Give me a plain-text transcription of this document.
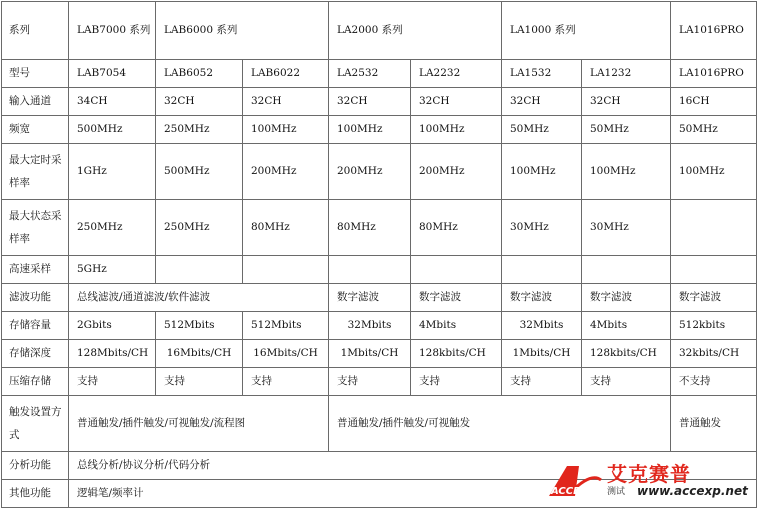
系列	LAB7000 系列	LAB6000 系列		LA2000 系列		LA1000 系列		LA1016PRO
型号	LAB7054	LAB6052	LAB6022	LA2532	LA2232	LA1532	LA1232	LA1016PRO
输入通道	34CH	32CH	32CH	32CH	32CH	32CH	32CH	16CH
频宽	500MHz	250MHz	100MHz	100MHz	100MHz	50MHz	50MHz	50MHz
最大定时采样率	1GHz	500MHz	200MHz	200MHz	200MHz	100MHz	100MHz	100MHz
最大状态采样率	250MHz	250MHz	80MHz	80MHz	80MHz	30MHz	30MHz	
高速采样	5GHz							
滤波功能	总线滤波/通道滤波/软件滤波			数字滤波	数字滤波	数字滤波	数字滤波	数字滤波
存储容量	2Gbits	512Mbits	512Mbits	32Mbits	4Mbits	32Mbits	4Mbits	512kbits
存储深度	128Mbits/CH	16Mbits/CH	16Mbits/CH	1Mbits/CH	128kbits/CH	1Mbits/CH	128kbits/CH	32kbits/CH
压缩存储	支持	支持	支持	支持	支持	支持	支持	不支持
触发设置方式	普通触发/插件触发/可视触发/流程图			普通触发/插件触发/可视触发				普通触发
分析功能	总线分析/协议分析/代码分析							
其他功能	逻辑笔/频率计								ACCEXP
艾克赛普
测试 www.accexp.net
